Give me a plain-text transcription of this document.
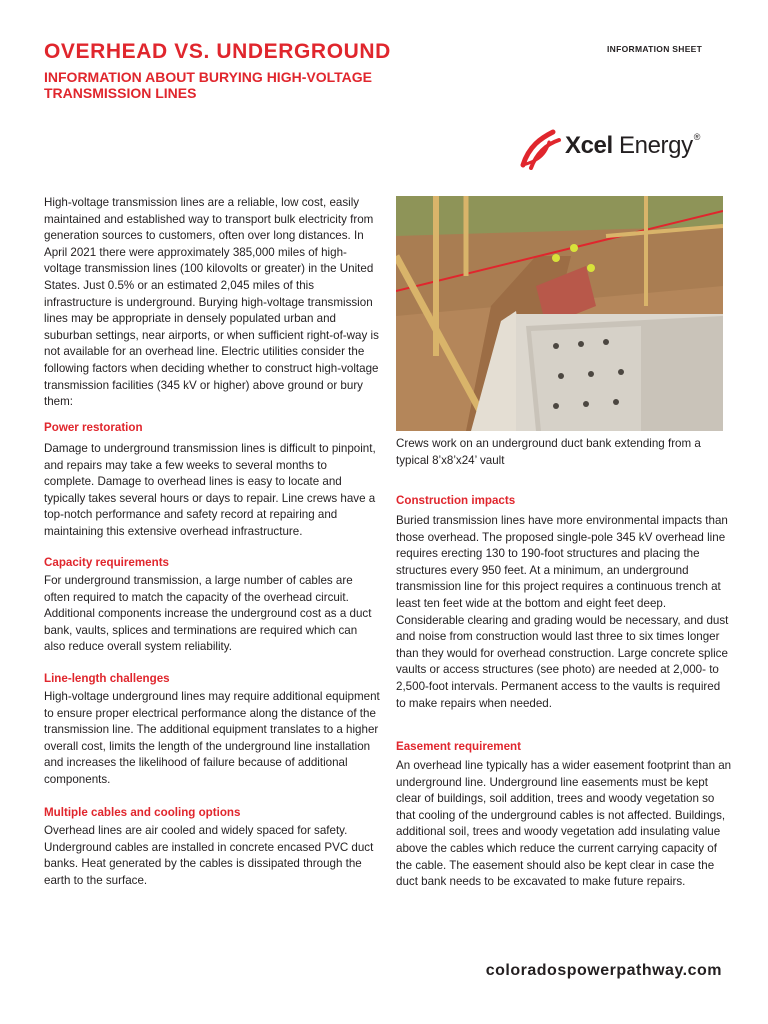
OVERHEAD VS. UNDERGROUND
INFORMATION ABOUT BURYING HIGH-VOLTAGE TRANSMISSION LINES
INFORMATION SHEET
Xcel Energy®

High-voltage transmission lines are a reliable, low cost, easily maintained and established way to transport bulk electricity from generation sources to customers, often over long distances. In April 2021 there were approximately 385,000 miles of high-voltage transmission lines (100 kilovolts or greater) in the United States. Just 0.5% or an estimated 2,045 miles of this infrastructure is underground. Burying high-voltage transmission lines may be appropriate in densely populated urban and suburban settings, near airports, or when sufficient right-of-way is not available for an overhead line. Electric utilities consider the following factors when deciding whether to construct high-voltage transmission facilities (345 kV or higher) above ground or bury them:

Power restoration

Damage to underground transmission lines is difficult to pinpoint, and repairs may take a few weeks to several months to complete. Damage to overhead lines is easy to locate and typically takes several hours or days to repair. Line crews have a top-notch performance and safety record at repairing and maintaining this extensive overhead infrastructure.

Capacity requirements

For underground transmission, a large number of cables are often required to match the capacity of the overhead circuit. Additional components increase the underground cost as a duct bank, vaults, splices and terminations are required which can also reduce overall system reliability.

Line-length challenges

High-voltage underground lines may require additional equipment to ensure proper electrical performance along the distance of the transmission line. The additional equipment translates to a higher overall cost, limits the length of the underground line installation and increases the likelihood of failure because of additional components.

Multiple cables and cooling options

Overhead lines are air cooled and widely spaced for safety. Underground cables are installed in concrete encased PVC duct banks. Heat generated by the cables is dissipated through the earth to the surface.

Crews work on an underground duct bank extending from a typical 8’x8’x24’ vault

Construction impacts

Buried transmission lines have more environmental impacts than those overhead. The proposed single-pole 345 kV overhead line requires erecting 130 to 190-foot structures and placing the structures every 950 feet. At a minimum, an underground transmission line for this project requires a continuous trench at least ten feet wide at the bottom and eight feet deep. Considerable clearing and grading would be necessary, and dust and noise from construction would last three to six times longer than they would for overhead construction. Large concrete splice vaults or access structures (see photo) are needed at 2,000- to 2,500-foot intervals. Permanent access to the vaults is required to make repairs when needed.

Easement requirement

An overhead line typically has a wider easement footprint than an underground line. Underground line easements must be kept clear of buildings, soil addition, trees and woody vegetation so that cooling of the underground cables is not affected. Buildings, additional soil, trees and woody vegetation add insulating value above the cables which reduce the current carrying capacity of the cable. The easement should also be kept clear in case the duct bank needs to be excavated to make future repairs.

coloradospowerpathway.com
